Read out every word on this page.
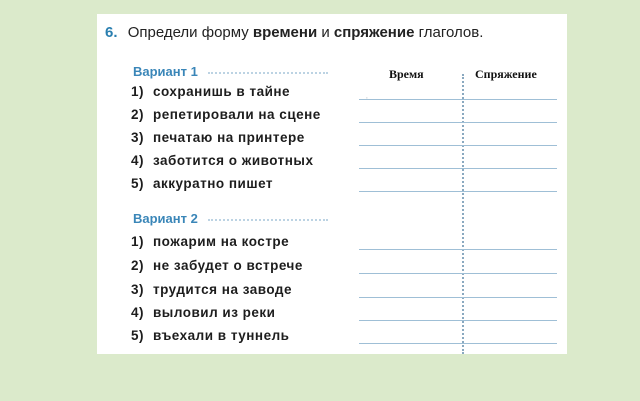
6. Определи форму времени и спряжение глаголов.
Время	Спряжение
·
Вариант 1
1) сохранишь в тайне
2) репетировали на сцене
3) печатаю на принтере
4) заботится о животных
5) аккуратно пишет
Вариант 2
1) пожарим на костре
2) не забудет о встрече
3) трудится на заводе
4) выловил из реки
5) въехали в туннель
